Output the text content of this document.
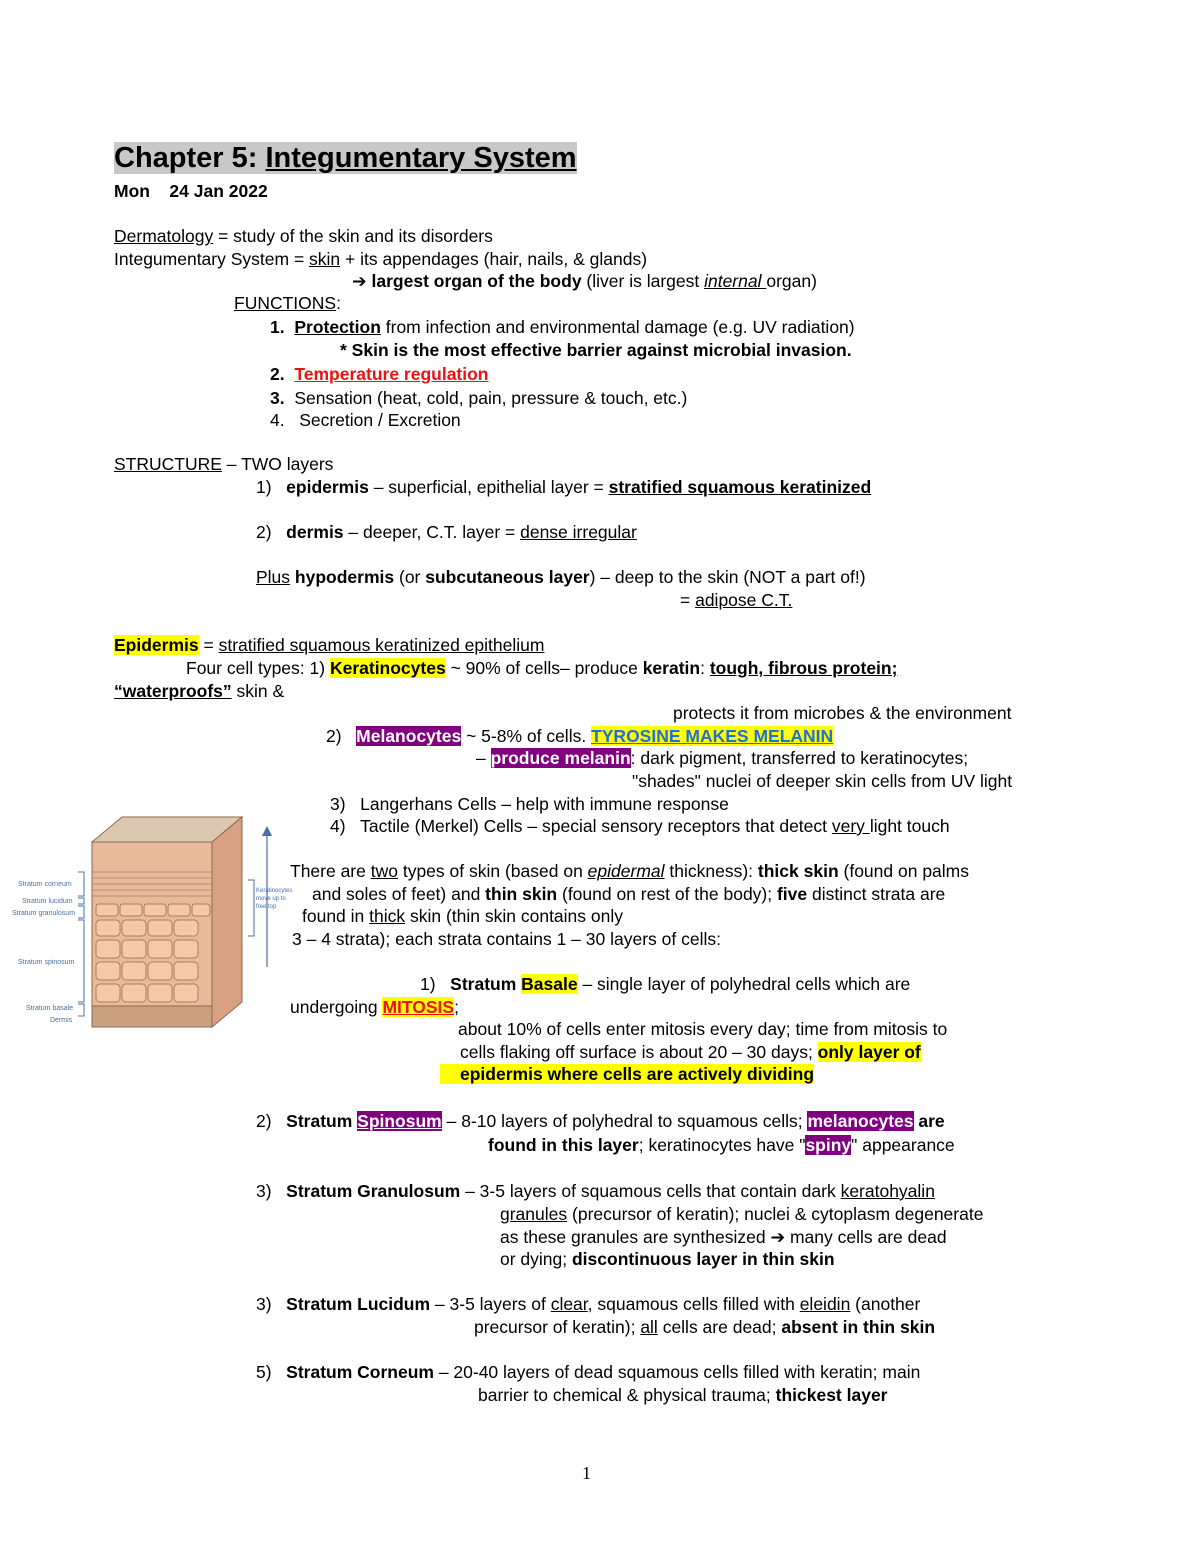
Chapter 5: Integumentary System
Mon 24 Jan 2022
Dermatology = study of the skin and its disorders
Integumentary System = skin + its appendages (hair, nails, & glands)
➔ largest organ of the body (liver is largest internal organ)
FUNCTIONS:
1. Protection from infection and environmental damage (e.g. UV radiation)
* Skin is the most effective barrier against microbial invasion.
2. Temperature regulation
3. Sensation (heat, cold, pain, pressure & touch, etc.)
4. Secretion / Excretion
STRUCTURE – TWO layers
1) epidermis – superficial, epithelial layer = stratified squamous keratinized
2) dermis – deeper, C.T. layer = dense irregular
Plus hypodermis (or subcutaneous layer) – deep to the skin (NOT a part of!)
= adipose C.T.
Epidermis = stratified squamous keratinized epithelium
Four cell types: 1) Keratinocytes ~ 90% of cells– produce keratin: tough, fibrous protein;
“waterproofs” skin &
protects it from microbes & the environment
2) Melanocytes ~ 5-8% of cells. TYROSINE MAKES MELANIN
– produce melanin: dark pigment, transferred to keratinocytes;
"shades" nuclei of deeper skin cells from UV light
3) Langerhans Cells – help with immune response
4) Tactile (Merkel) Cells – special sensory receptors that detect very light touch
Stratum corneum
Stratum lucidum
Stratum granulosum
Stratum spinosum
Stratum basale
Dermis
Keratinocytes
move up to
free top
There are two types of skin (based on epidermal thickness): thick skin (found on palms
and soles of feet) and thin skin (found on rest of the body); five distinct strata are
found in thick skin (thin skin contains only
3 – 4 strata); each strata contains 1 – 30 layers of cells:
1) Stratum Basale – single layer of polyhedral cells which are
undergoing MITOSIS;
about 10% of cells enter mitosis every day; time from mitosis to
cells flaking off surface is about 20 – 30 days; only layer of
epidermis where cells are actively dividing
2) Stratum Spinosum – 8-10 layers of polyhedral to squamous cells; melanocytes are
found in this layer; keratinocytes have "spiny" appearance
3) Stratum Granulosum – 3-5 layers of squamous cells that contain dark keratohyalin
granules (precursor of keratin); nuclei & cytoplasm degenerate
as these granules are synthesized ➔ many cells are dead
or dying; discontinuous layer in thin skin
3) Stratum Lucidum – 3-5 layers of clear, squamous cells filled with eleidin (another
precursor of keratin); all cells are dead; absent in thin skin
5) Stratum Corneum – 20-40 layers of dead squamous cells filled with keratin; main
barrier to chemical & physical trauma; thickest layer
1
